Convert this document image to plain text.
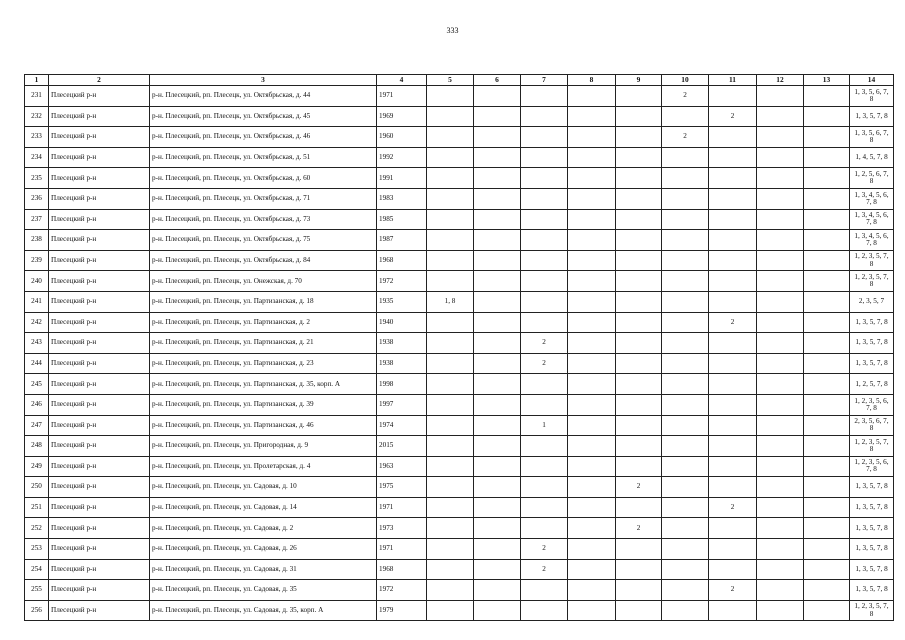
333
1	2	3	4	5	6	7	8	9	10	11	12	13	14
231	Плесецкий р-н	р-н. Плесецкий, рп. Плесецк, ул. Октябрьская, д. 44	1971						2				1, 3, 5, 6, 7, 8
232	Плесецкий р-н	р-н. Плесецкий, рп. Плесецк, ул. Октябрьская, д. 45	1969							2			1, 3, 5, 7, 8
233	Плесецкий р-н	р-н. Плесецкий, рп. Плесецк, ул. Октябрьская, д. 46	1960						2				1, 3, 5, 6, 7, 8
234	Плесецкий р-н	р-н. Плесецкий, рп. Плесецк, ул. Октябрьская, д. 51	1992										1, 4, 5, 7, 8
235	Плесецкий р-н	р-н. Плесецкий, рп. Плесецк, ул. Октябрьская, д. 60	1991										1, 2, 5, 6, 7, 8
236	Плесецкий р-н	р-н. Плесецкий, рп. Плесецк, ул. Октябрьская, д. 71	1983										1, 3, 4, 5, 6, 7, 8
237	Плесецкий р-н	р-н. Плесецкий, рп. Плесецк, ул. Октябрьская, д. 73	1985										1, 3, 4, 5, 6, 7, 8
238	Плесецкий р-н	р-н. Плесецкий, рп. Плесецк, ул. Октябрьская, д. 75	1987										1, 3, 4, 5, 6, 7, 8
239	Плесецкий р-н	р-н. Плесецкий, рп. Плесецк, ул. Октябрьская, д. 84	1968										1, 2, 3, 5, 7, 8
240	Плесецкий р-н	р-н. Плесецкий, рп. Плесецк, ул. Онежская, д. 70	1972										1, 2, 3, 5, 7, 8
241	Плесецкий р-н	р-н. Плесецкий, рп. Плесецк, ул. Партизанская, д. 18	1935	1, 8									2, 3, 5, 7
242	Плесецкий р-н	р-н. Плесецкий, рп. Плесецк, ул. Партизанская, д. 2	1940							2			1, 3, 5, 7, 8
243	Плесецкий р-н	р-н. Плесецкий, рп. Плесецк, ул. Партизанская, д. 21	1938			2							1, 3, 5, 7, 8
244	Плесецкий р-н	р-н. Плесецкий, рп. Плесецк, ул. Партизанская, д. 23	1938			2							1, 3, 5, 7, 8
245	Плесецкий р-н	р-н. Плесецкий, рп. Плесецк, ул. Партизанская, д. 35, корп. А	1998										1, 2, 5, 7, 8
246	Плесецкий р-н	р-н. Плесецкий, рп. Плесецк, ул. Партизанская, д. 39	1997										1, 2, 3, 5, 6, 7, 8
247	Плесецкий р-н	р-н. Плесецкий, рп. Плесецк, ул. Партизанская, д. 46	1974			1							2, 3, 5, 6, 7, 8
248	Плесецкий р-н	р-н. Плесецкий, рп. Плесецк, ул. Пригородная, д. 9	2015										1, 2, 3, 5, 7, 8
249	Плесецкий р-н	р-н. Плесецкий, рп. Плесецк, ул. Пролетарская, д. 4	1963										1, 2, 3, 5, 6, 7, 8
250	Плесецкий р-н	р-н. Плесецкий, рп. Плесецк, ул. Садовая, д. 10	1975					2					1, 3, 5, 7, 8
251	Плесецкий р-н	р-н. Плесецкий, рп. Плесецк, ул. Садовая, д. 14	1971							2			1, 3, 5, 7, 8
252	Плесецкий р-н	р-н. Плесецкий, рп. Плесецк, ул. Садовая, д. 2	1973					2					1, 3, 5, 7, 8
253	Плесецкий р-н	р-н. Плесецкий, рп. Плесецк, ул. Садовая, д. 26	1971			2							1, 3, 5, 7, 8
254	Плесецкий р-н	р-н. Плесецкий, рп. Плесецк, ул. Садовая, д. 31	1968			2							1, 3, 5, 7, 8
255	Плесецкий р-н	р-н. Плесецкий, рп. Плесецк, ул. Садовая, д. 35	1972							2			1, 3, 5, 7, 8
256	Плесецкий р-н	р-н. Плесецкий, рп. Плесецк, ул. Садовая, д. 35, корп. А	1979										1, 2, 3, 5, 7, 8
